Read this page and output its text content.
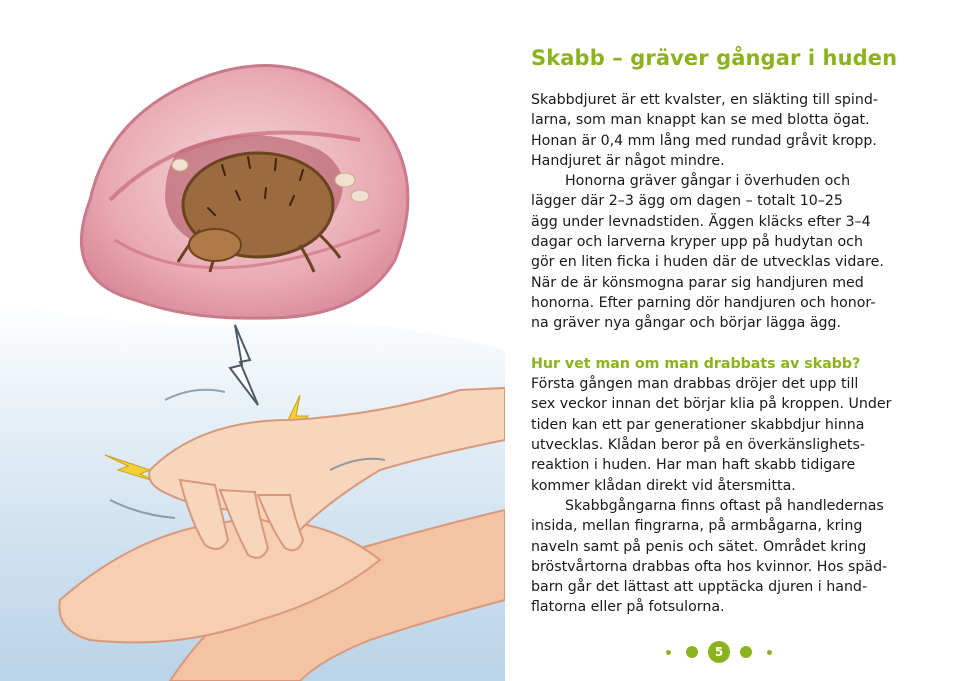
Skabb – gräver gångar i huden
Skabbdjuret är ett kvalster, en släkting till spind-
larna, som man knappt kan se med blotta ögat.
Honan är 0,4 mm lång med rundad gråvit kropp.
Handjuret är något mindre.
Honorna gräver gångar i överhuden och
lägger där 2–3 ägg om dagen – totalt 10–25
ägg under levnadstiden. Äggen kläcks efter 3–4
dagar och larverna kryper upp på hudytan och
gör en liten ficka i huden där de utvecklas vidare.
När de är könsmogna parar sig handjuren med
honorna. Efter parning dör handjuren och honor-
na gräver nya gångar och börjar lägga ägg.
Hur vet man om man drabbats av skabb?
Första gången man drabbas dröjer det upp till
sex veckor innan det börjar klia på kroppen. Under
tiden kan ett par generationer skabbdjur hinna
utvecklas. Klådan beror på en överkänslighets-
reaktion i huden. Har man haft skabb tidigare
kommer klådan direkt vid återsmitta.
Skabbgångarna finns oftast på handledernas
insida, mellan fingrarna, på armbågarna, kring
naveln samt på penis och sätet. Området kring
bröstvårtorna drabbas ofta hos kvinnor. Hos späd-
barn går det lättast att upptäcka djuren i hand-
flatorna eller på fotsulorna.
5
